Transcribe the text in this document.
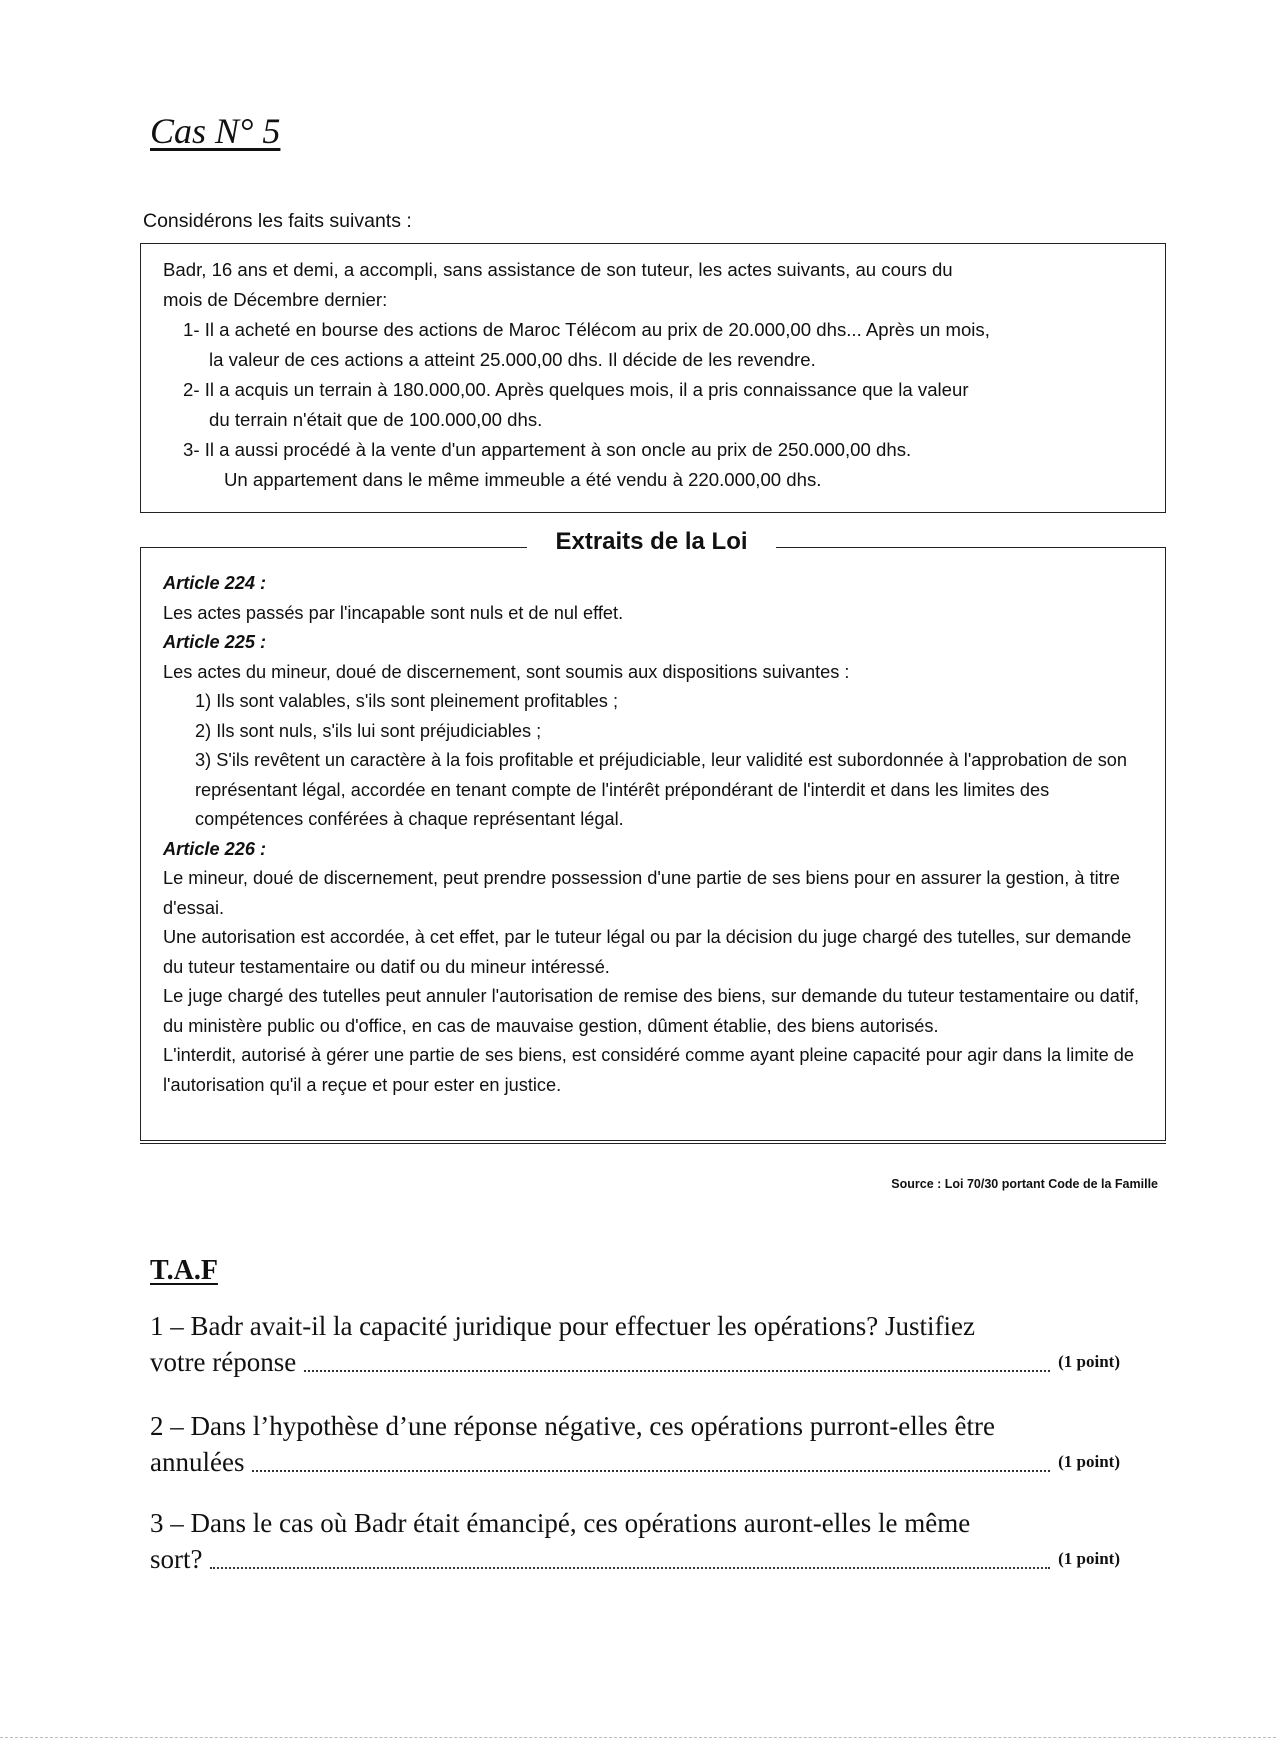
Cas N° 5
Considérons les faits suivants :
Badr, 16 ans et demi, a accompli, sans assistance de son tuteur, les actes suivants, au cours du
mois de Décembre dernier:
1- Il a acheté en bourse des actions de Maroc Télécom au prix de 20.000,00 dhs... Après un mois,
la valeur de ces actions a atteint 25.000,00 dhs. Il décide de les revendre.
2- Il a acquis un terrain à 180.000,00. Après quelques mois, il a pris connaissance que la valeur
du terrain n'était que de 100.000,00 dhs.
3- Il a aussi procédé à la vente d'un appartement à son oncle au prix de 250.000,00 dhs.
Un appartement dans le même immeuble a été vendu à 220.000,00 dhs.
Extraits de la Loi
Article 224 :
Les actes passés par l'incapable sont nuls et de nul effet.
Article 225 :
Les actes du mineur, doué de discernement, sont soumis aux dispositions suivantes :
1) Ils sont valables, s'ils sont pleinement profitables ;
2) Ils sont nuls, s'ils lui sont préjudiciables ;
3) S'ils revêtent un caractère à la fois profitable et préjudiciable, leur validité est subordonnée à l'approbation de son représentant légal, accordée en tenant compte de l'intérêt prépondérant de l'interdit et dans les limites des compétences conférées à chaque représentant légal.
Article 226 :
Le mineur, doué de discernement, peut prendre possession d'une partie de ses biens pour en assurer la gestion, à titre d'essai.
Une autorisation est accordée, à cet effet, par le tuteur légal ou par la décision du juge chargé des tutelles, sur demande du tuteur testamentaire ou datif ou du mineur intéressé.
Le juge chargé des tutelles peut annuler l'autorisation de remise des biens, sur demande du tuteur testamentaire ou datif, du ministère public ou d'office, en cas de mauvaise gestion, dûment établie, des biens autorisés.
L'interdit, autorisé à gérer une partie de ses biens, est considéré comme ayant pleine capacité pour agir dans la limite de l'autorisation qu'il a reçue et pour ester en justice.
Source : Loi 70/30 portant Code de la Famille
T.A.F
1 – Badr avait-il la capacité juridique pour effectuer les opérations? Justifiez
votre réponse	(1 point)
2 – Dans l’hypothèse d’une réponse négative, ces opérations purront-elles être
annulées	(1 point)
3 – Dans le cas où Badr était émancipé, ces opérations auront-elles le même
sort?	(1 point)
